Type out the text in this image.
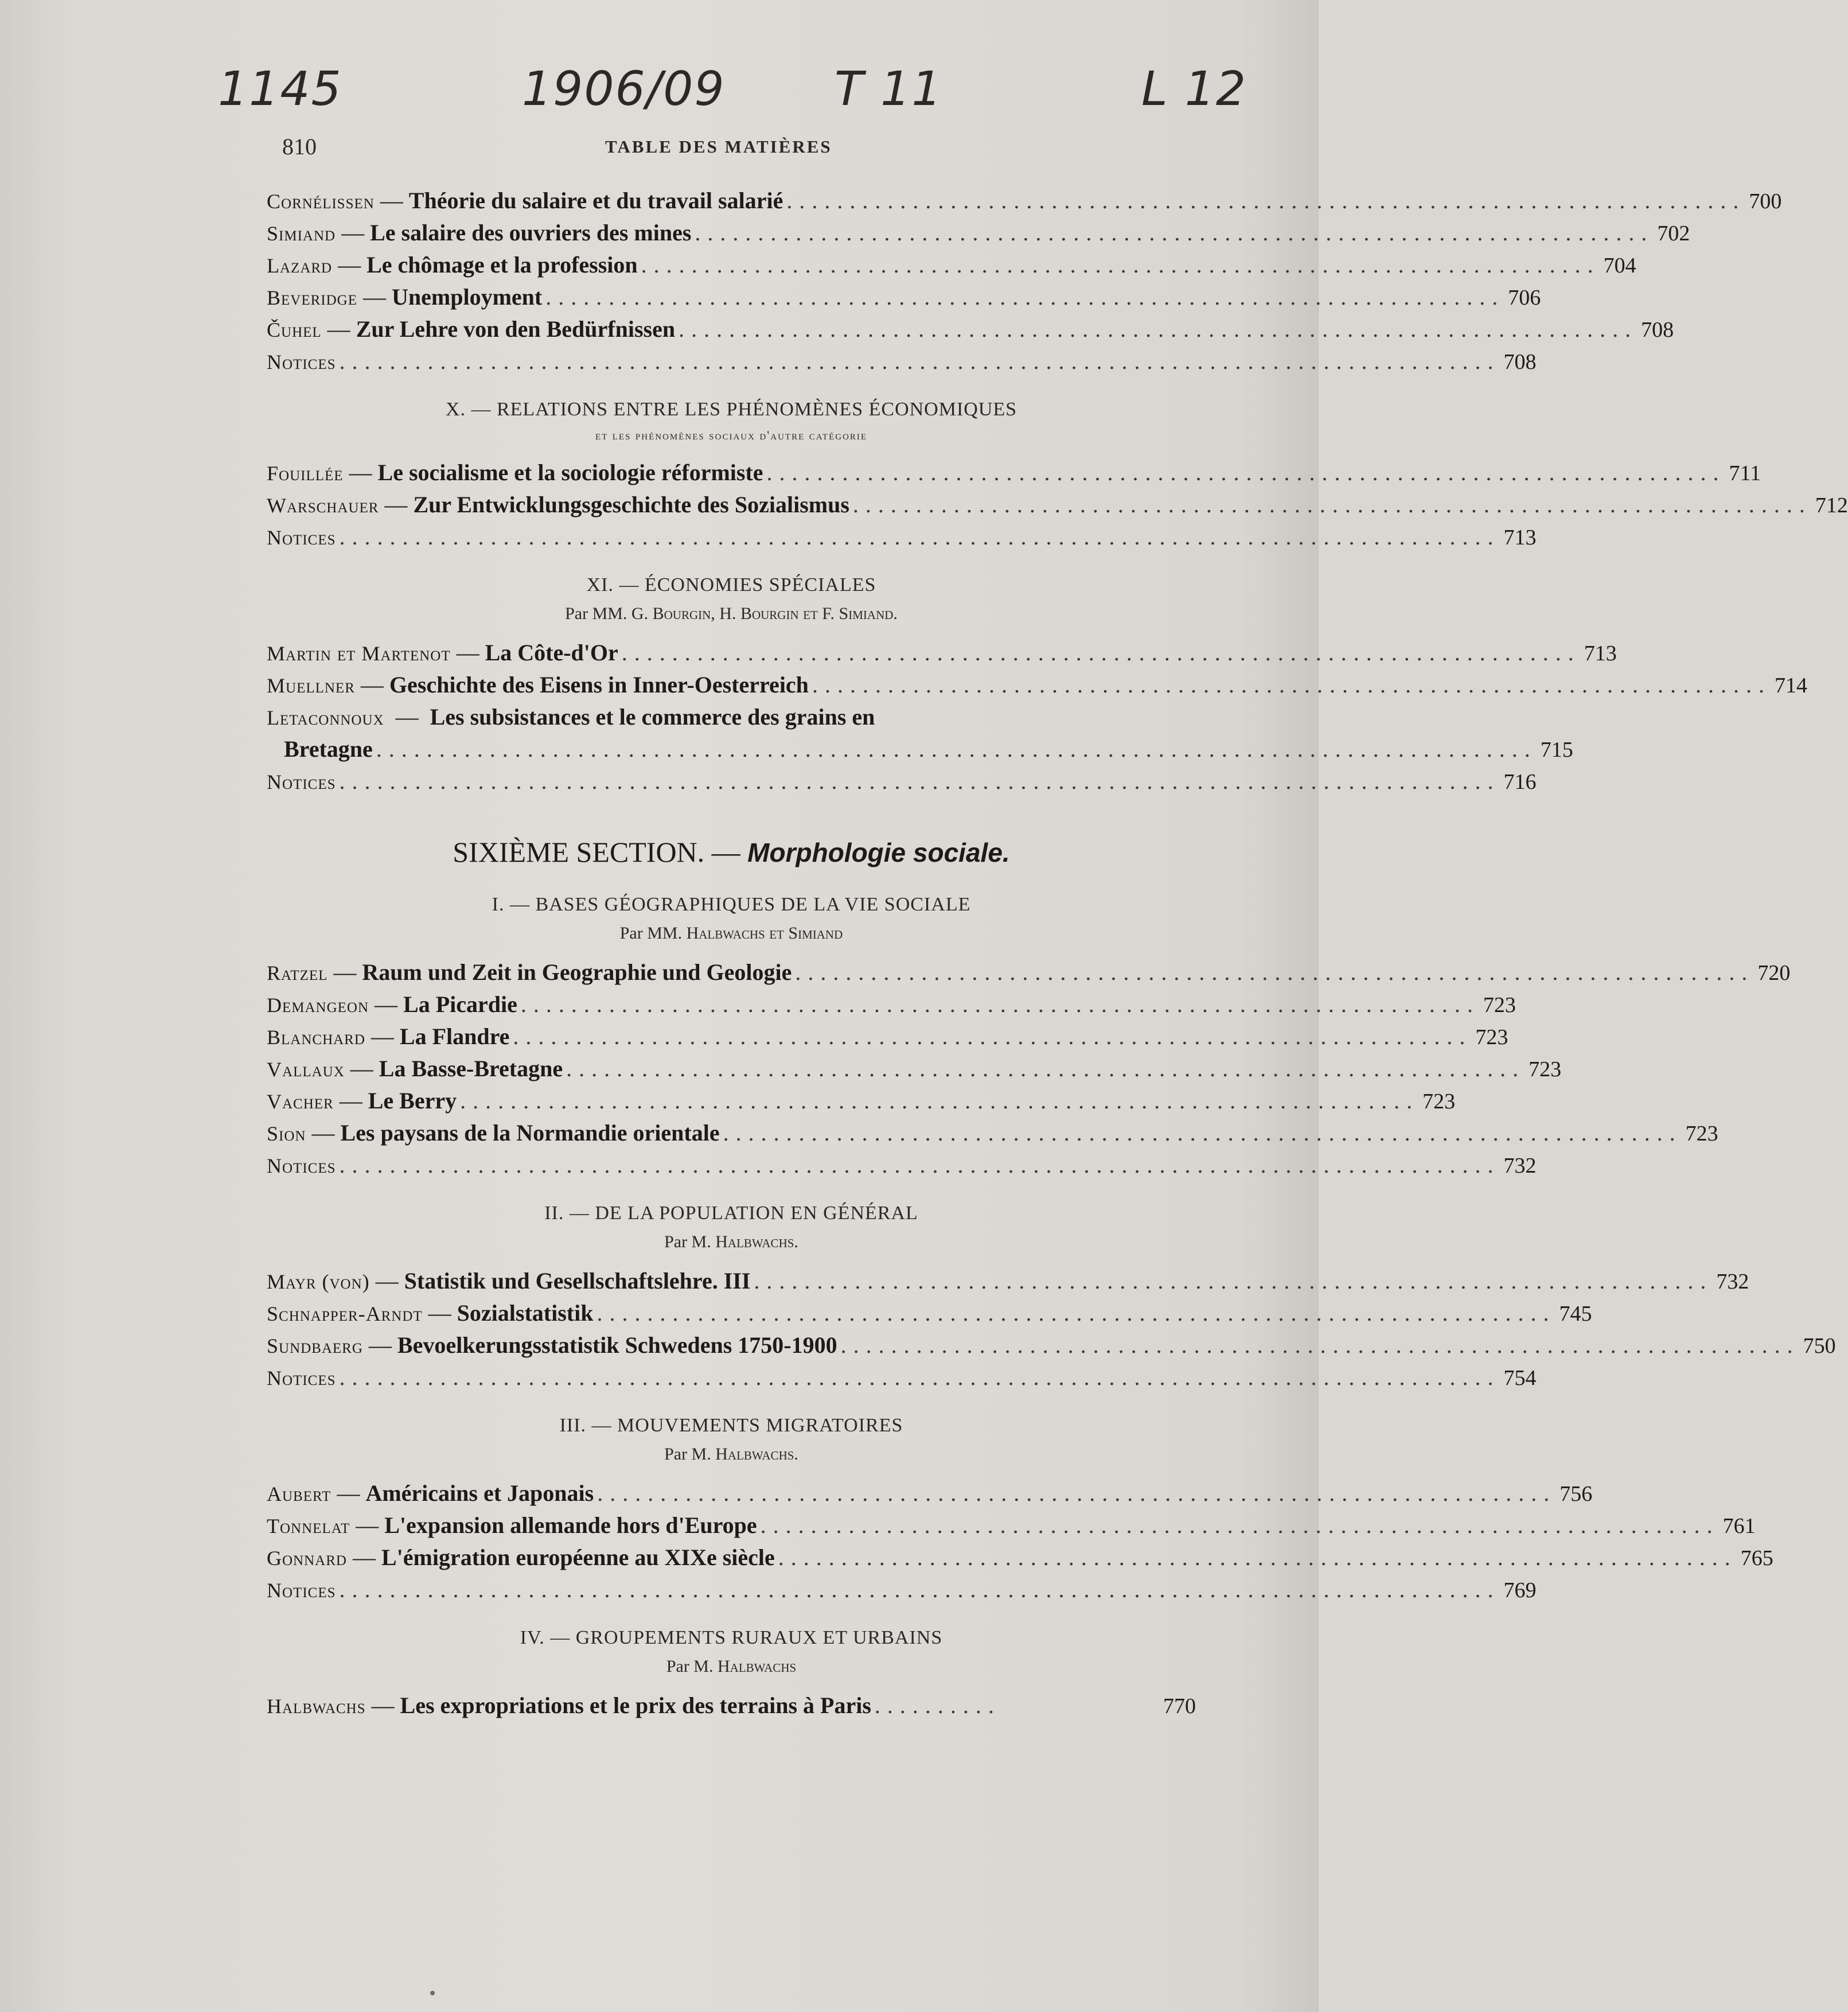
1145	1906/09 T 11	L 12
810	TABLE DES MATIÈRES
Cornélissen — Théorie du salaire et du travail salarié ............................................................................ 700
Simiand — Le salaire des ouvriers des mines ............................................................................ 702
Lazard — Le chômage et la profession ............................................................................ 704
Beveridge — Unemployment ............................................................................ 706
Čuhel — Zur Lehre von den Bedürfnissen ............................................................................ 708
Notices ............................................................................................ 708
X. — RELATIONS ENTRE LES PHÉNOMÈNES ÉCONOMIQUES
et les phénomènes sociaux d'autre catégorie
Fouillée — Le socialisme et la sociologie réformiste ............................................................................ 711
Warschauer — Zur Entwicklungsgeschichte des Sozialismus ............................................................................ 712
Notices ............................................................................................ 713
XI. — ÉCONOMIES SPÉCIALES
Par MM. G. Bourgin, H. Bourgin et F. Simiand.
Martin et Martenot — La Côte-d'Or ............................................................................ 713
Muellner — Geschichte des Eisens in Inner-Oesterreich ............................................................................ 714
Letaconnoux  —  Les subsistances et le commerce des grains en
Bretagne ............................................................................................ 715
Notices ............................................................................................ 716
SIXIÈME SECTION. — Morphologie sociale.
I. — BASES GÉOGRAPHIQUES DE LA VIE SOCIALE
Par MM. Halbwachs et Simiand
Ratzel — Raum und Zeit in Geographie und Geologie ............................................................................ 720
Demangeon — La Picardie ............................................................................ 723
Blanchard — La Flandre ............................................................................ 723
Vallaux — La Basse-Bretagne ............................................................................ 723
Vacher — Le Berry ............................................................................ 723
Sion — Les paysans de la Normandie orientale ............................................................................ 723
Notices ............................................................................................ 732
II. — DE LA POPULATION EN GÉNÉRAL
Par M. Halbwachs.
Mayr (von) — Statistik und Gesellschaftslehre. III ............................................................................ 732
Schnapper-Arndt — Sozialstatistik ............................................................................ 745
Sundbaerg — Bevoelkerungsstatistik Schwedens 1750-1900 ............................................................................ 750
Notices ............................................................................................ 754
III. — MOUVEMENTS MIGRATOIRES
Par M. Halbwachs.
Aubert — Américains et Japonais ............................................................................ 756
Tonnelat — L'expansion allemande hors d'Europe ............................................................................ 761
Gonnard — L'émigration européenne au XIXe siècle ............................................................................ 765
Notices ............................................................................................ 769
IV. — GROUPEMENTS RURAUX ET URBAINS
Par M. Halbwachs
Halbwachs — Les expropriations et le prix des terrains à Paris ..........	770
